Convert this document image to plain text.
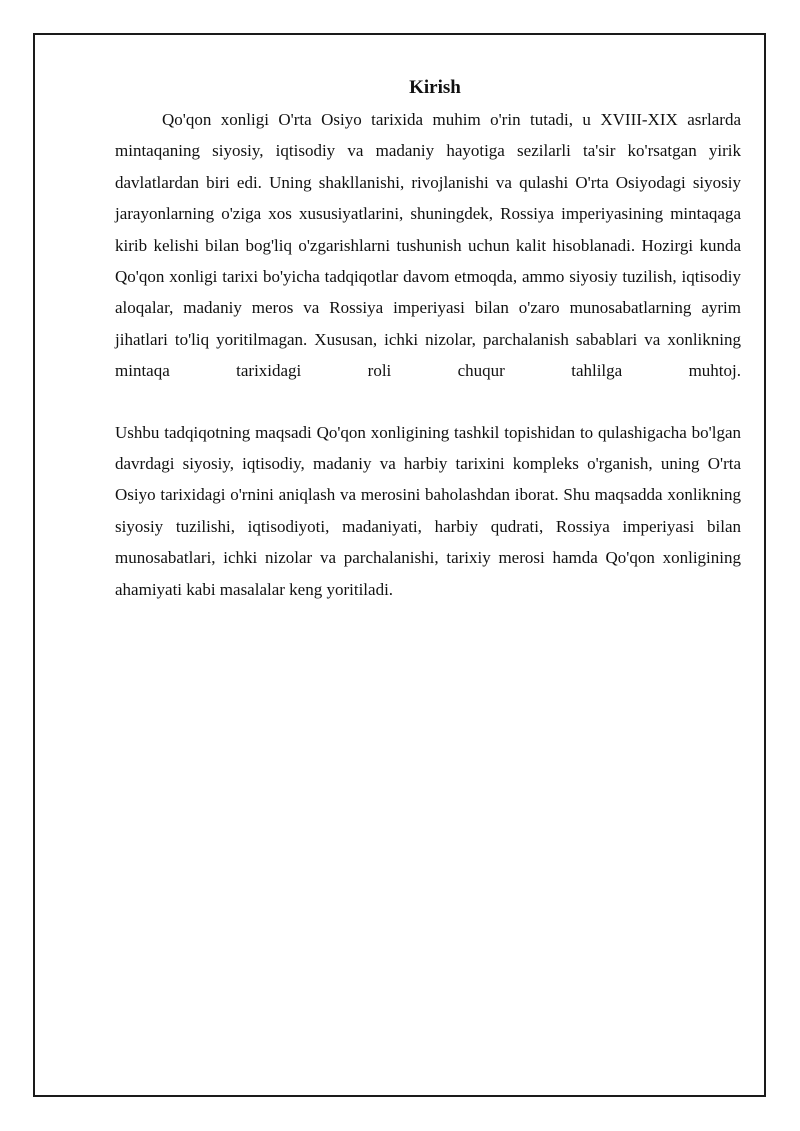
Kirish

Qo'qon xonligi O'rta Osiyo tarixida muhim o'rin tutadi, u XVIII-XIX asrlarda mintaqaning siyosiy, iqtisodiy va madaniy hayotiga sezilarli ta'sir ko'rsatgan yirik davlatlardan biri edi. Uning shakllanishi, rivojlanishi va qulashi O'rta Osiyodagi siyosiy jarayonlarning o'ziga xos xususiyatlarini, shuningdek, Rossiya imperiyasining mintaqaga kirib kelishi bilan bog'liq o'zgarishlarni tushunish uchun kalit hisoblanadi. Hozirgi kunda Qo'qon xonligi tarixi bo'yicha tadqiqotlar davom etmoqda, ammo siyosiy tuzilish, iqtisodiy aloqalar, madaniy meros va Rossiya imperiyasi bilan o'zaro munosabatlarning ayrim jihatlari to'liq yoritilmagan. Xususan, ichki nizolar, parchalanish sabablari va xonlikning mintaqa tarixidagi roli chuqur tahlilga muhtoj.

Ushbu tadqiqotning maqsadi Qo'qon xonligining tashkil topishidan to qulashigacha bo'lgan davrdagi siyosiy, iqtisodiy, madaniy va harbiy tarixini kompleks o'rganish, uning O'rta Osiyo tarixidagi o'rnini aniqlash va merosini baholashdan iborat. Shu maqsadda xonlikning siyosiy tuzilishi, iqtisodiyoti, madaniyati, harbiy qudrati, Rossiya imperiyasi bilan munosabatlari, ichki nizolar va parchalanishi, tarixiy merosi hamda Qo'qon xonligining ahamiyati kabi masalalar keng yoritiladi.
